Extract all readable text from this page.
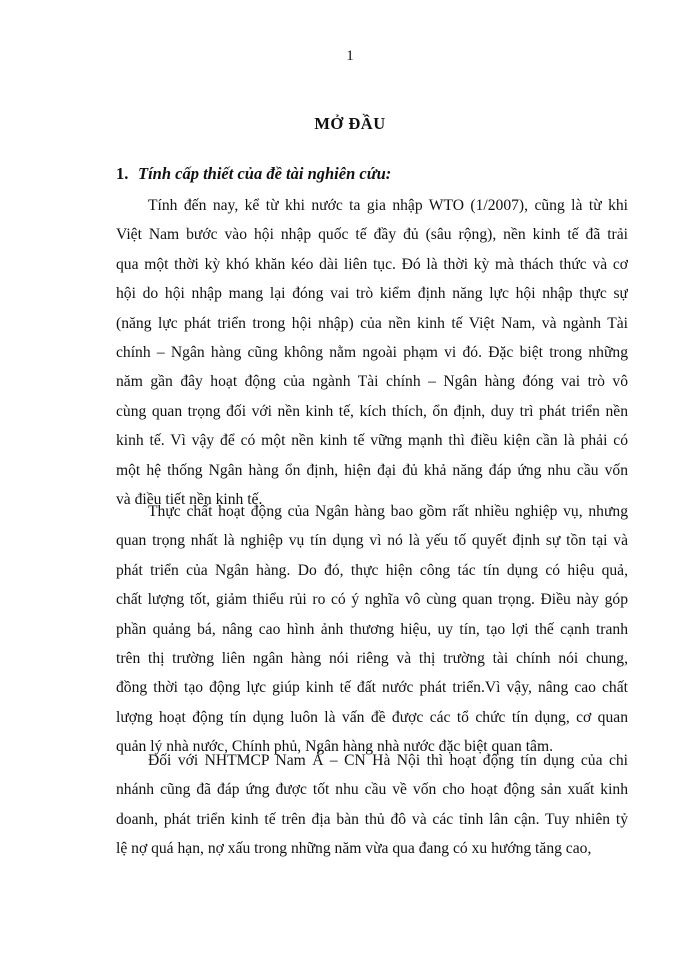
1
MỞ ĐẦU
1. Tính cấp thiết của đề tài nghiên cứu:
Tính đến nay, kể từ khi nước ta gia nhập WTO (1/2007), cũng là từ khi
Việt Nam bước vào hội nhập quốc tế đầy đủ (sâu rộng), nền kinh tế đã trải
qua một thời kỳ khó khăn kéo dài liên tục. Đó là thời kỳ mà thách thức và cơ
hội do hội nhập mang lại đóng vai trò kiểm định năng lực hội nhập thực sự
(năng lực phát triển trong hội nhập) của nền kinh tế Việt Nam, và ngành Tài
chính – Ngân hàng cũng không nằm ngoài phạm vi đó. Đặc biệt trong những
năm gần đây hoạt động của ngành Tài chính – Ngân hàng đóng vai trò vô
cùng quan trọng đối với nền kinh tế, kích thích, ổn định, duy trì phát triển nền
kinh tế. Vì vậy để có một nền kinh tế vững mạnh thì điều kiện cần là phải có
một hệ thống Ngân hàng ổn định, hiện đại đủ khả năng đáp ứng nhu cầu vốn
và điều tiết nền kinh tế.
Thực chất hoạt động của Ngân hàng bao gồm rất nhiều nghiệp vụ, nhưng
quan trọng nhất là nghiệp vụ tín dụng vì nó là yếu tố quyết định sự tồn tại và
phát triển của Ngân hàng. Do đó, thực hiện công tác tín dụng có hiệu quả,
chất lượng tốt, giảm thiểu rủi ro có ý nghĩa vô cùng quan trọng. Điều này góp
phần quảng bá, nâng cao hình ảnh thương hiệu, uy tín, tạo lợi thế cạnh tranh
trên thị trường liên ngân hàng nói riêng và thị trường tài chính nói chung,
đồng thời tạo động lực giúp kinh tế đất nước phát triển.Vì vậy, nâng cao chất
lượng hoạt động tín dụng luôn là vấn đề được các tổ chức tín dụng, cơ quan
quản lý nhà nước, Chính phủ, Ngân hàng nhà nước đặc biệt quan tâm.
Đối với NHTMCP Nam Á – CN Hà Nội thì hoạt động tín dụng của chi
nhánh cũng đã đáp ứng được tốt nhu cầu về vốn cho hoạt động sản xuất kinh
doanh, phát triển kinh tế trên địa bàn thủ đô và các tỉnh lân cận. Tuy nhiên tỷ
lệ nợ quá hạn, nợ xấu trong những năm vừa qua đang có xu hướng tăng cao,
